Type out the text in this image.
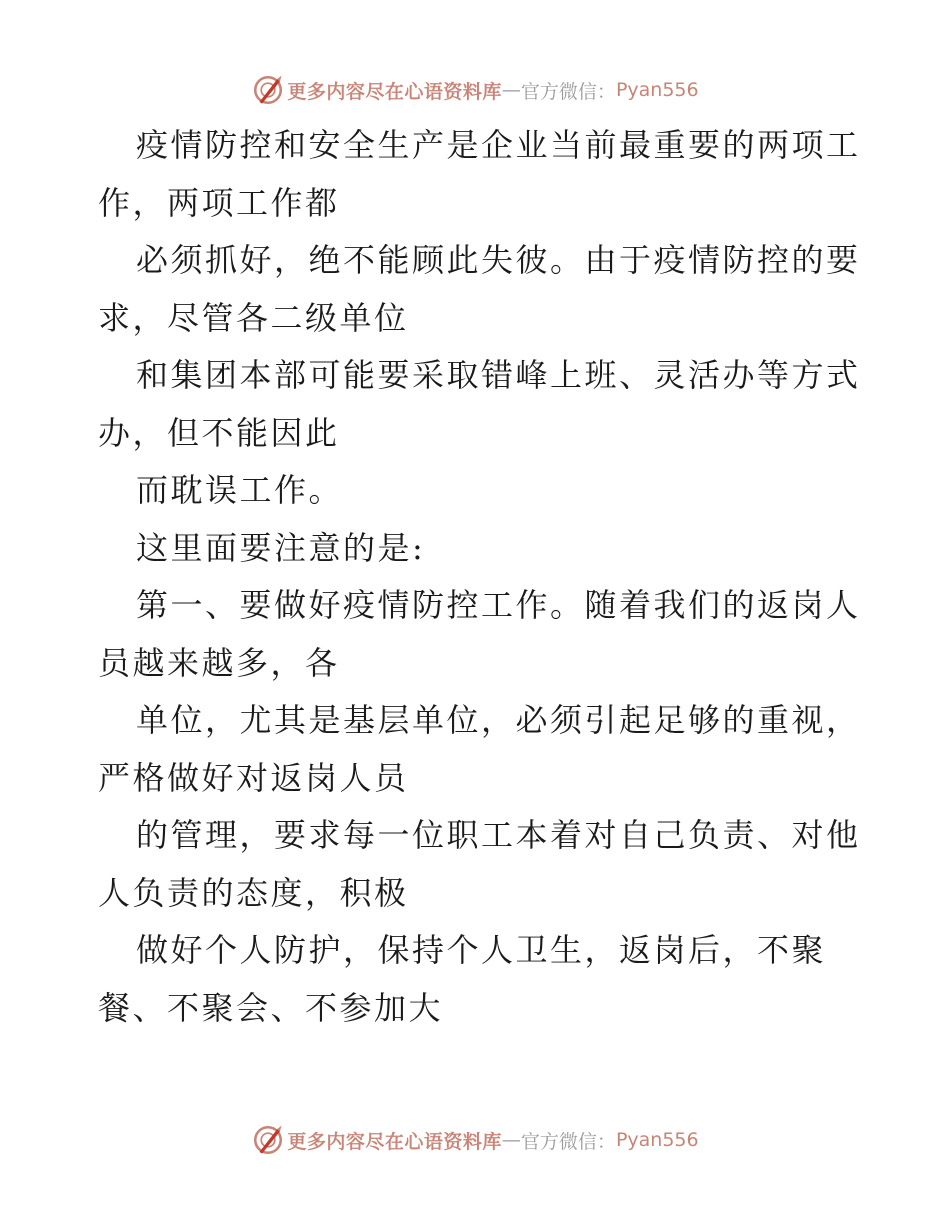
更多内容尽在心语资料库 — 官方微信： Pyan556
疫情防控和安全生产是企业当前最重要的两项工
作，两项工作都
必须抓好，绝不能顾此失彼。由于疫情防控的要
求，尽管各二级单位
和集团本部可能要采取错峰上班、灵活办等方式
办，但不能因此
而耽误工作。
这里面要注意的是:
第一、要做好疫情防控工作。随着我们的返岗人
员越来越多，各
单位，尤其是基层单位，必须引起足够的重视，
严格做好对返岗人员
的管理，要求每一位职工本着对自己负责、对他
人负责的态度，积极
做好个人防护，保持个人卫生，返岗后，不聚
餐、不聚会、不参加大
更多内容尽在心语资料库 — 官方微信： Pyan556
